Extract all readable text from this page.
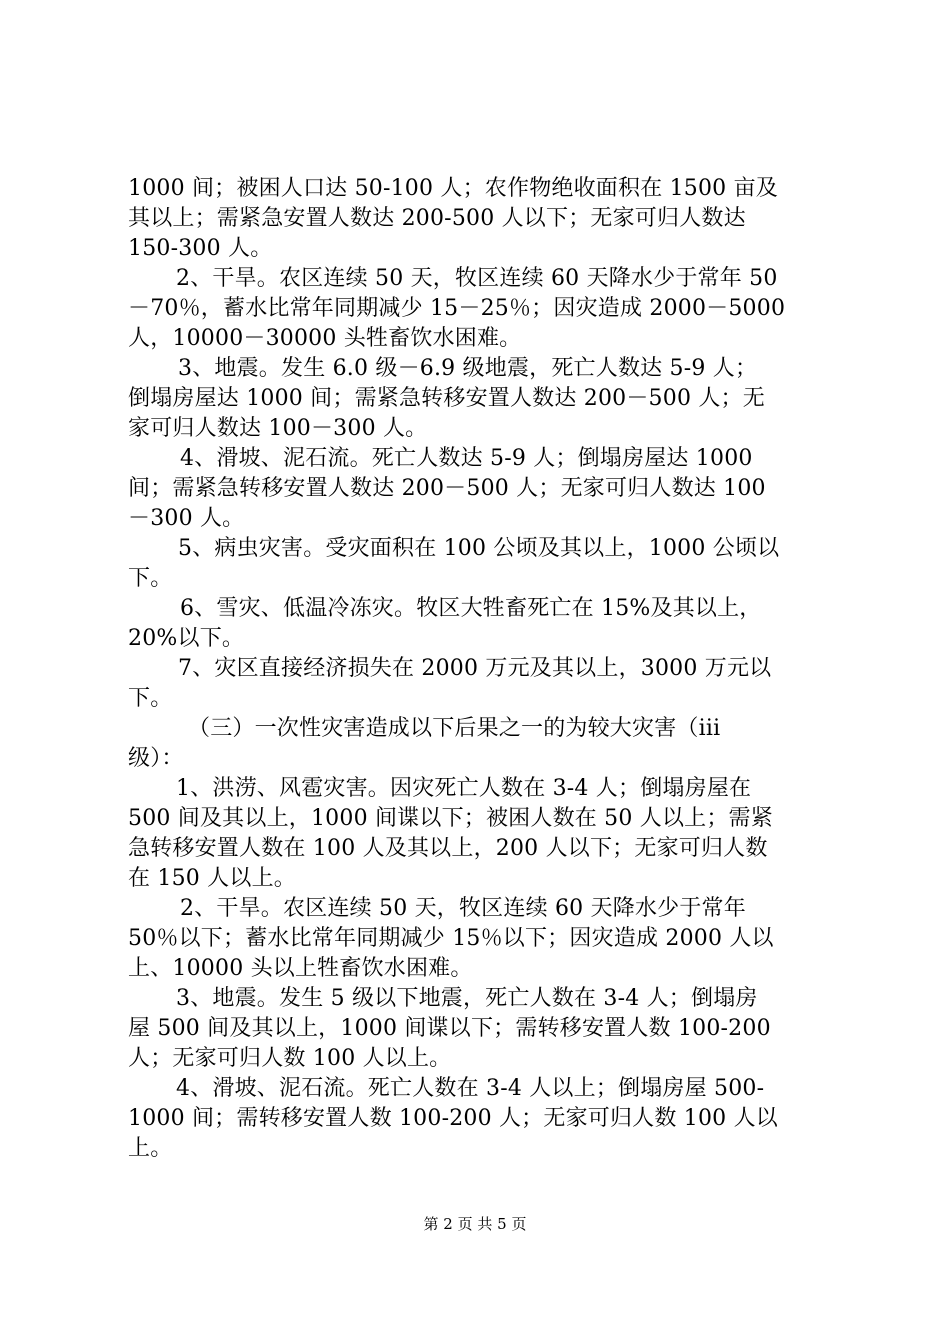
1000 间；被困人口达 50-100 人；农作物绝收面积在 1500 亩及
其以上；需紧急安置人数达 200-500 人以下；无家可归人数达
150-300 人。
2、干旱。农区连续 50 天，牧区连续 60 天降水少于常年 50
－70％，蓄水比常年同期减少 15－25％；因灾造成 2000－5000
人，10000－30000 头牲畜饮水困难。
3、地震。发生 6.0 级－6.9 级地震，死亡人数达 5-9 人；
倒塌房屋达 1000 间；需紧急转移安置人数达 200－500 人；无
家可归人数达 100－300 人。
4、滑坡、泥石流。死亡人数达 5-9 人；倒塌房屋达 1000
间；需紧急转移安置人数达 200－500 人；无家可归人数达 100
－300 人。
5、病虫灾害。受灾面积在 100 公顷及其以上，1000 公顷以
下。
6、雪灾、低温冷冻灾。牧区大牲畜死亡在 15%及其以上，
20%以下。
7、灾区直接经济损失在 2000 万元及其以上，3000 万元以
下。
（三）一次性灾害造成以下后果之一的为较大灾害（iii
级）：
1、洪涝、风雹灾害。因灾死亡人数在 3-4 人；倒塌房屋在
500 间及其以上，1000 间谍以下；被困人数在 50 人以上；需紧
急转移安置人数在 100 人及其以上，200 人以下；无家可归人数
在 150 人以上。
2、干旱。农区连续 50 天，牧区连续 60 天降水少于常年
50％以下；蓄水比常年同期减少 15％以下；因灾造成 2000 人以
上、10000 头以上牲畜饮水困难。
3、地震。发生 5 级以下地震，死亡人数在 3-4 人；倒塌房
屋 500 间及其以上，1000 间谍以下；需转移安置人数 100-200
人；无家可归人数 100 人以上。
4、滑坡、泥石流。死亡人数在 3-4 人以上；倒塌房屋 500-
1000 间；需转移安置人数 100-200 人；无家可归人数 100 人以
上。
第 2 页 共 5 页
